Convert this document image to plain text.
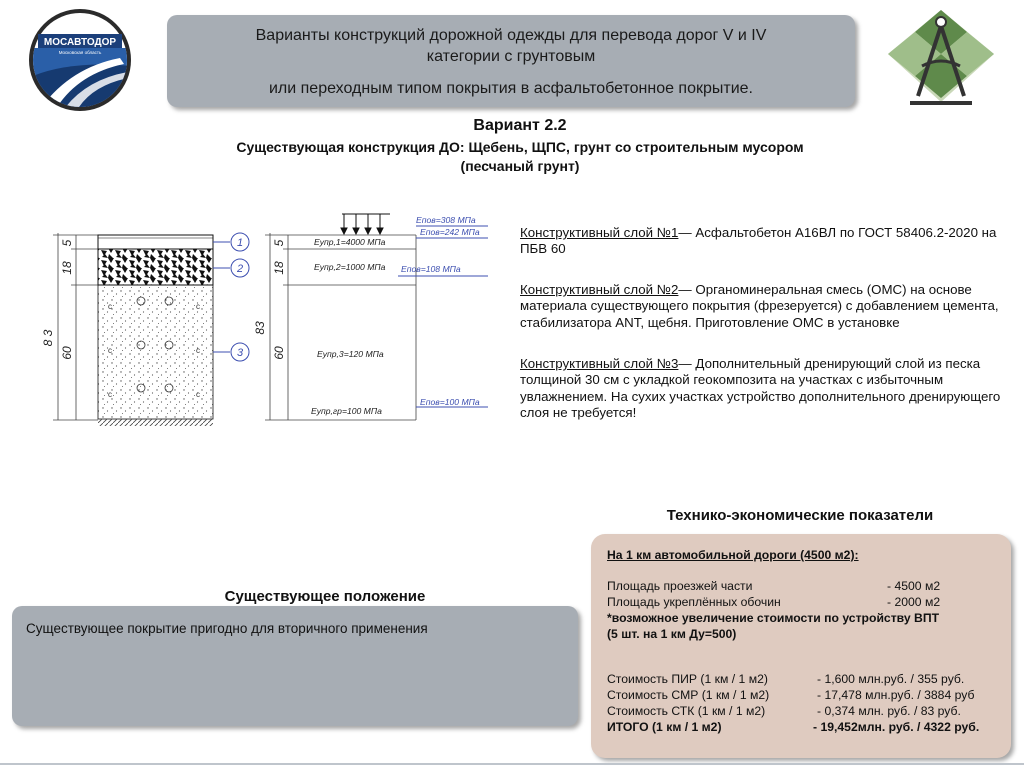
МОСАВТОДОР
Московская область
Варианты конструкций дорожной одежды для перевода дорог V и IV
категории с грунтовым
или переходным типом покрытия в асфальтобетонное покрытие.
Вариант 2.2
Существующая конструкция ДО: Щебень, ЩПС, грунт со строительным мусором
(песчаный грунт)
5
18
60
8 3
c	c
c	c
c	c
1
2
3
5
18
60
83
Eпов=308 МПа
Eпов=242 МПа
Eупр,1=4000 МПа
Eупр,2=1000 МПа Eпов=108 МПа
Eупр,3=120 МПа
Eупр,гр=100 МПа
Eпов=100 МПа
Конструктивный слой №1— Асфальтобетон А16ВЛ по ГОСТ 58406.2-2020 на ПБВ 60
Конструктивный слой №2— Органоминеральная смесь (ОМС) на основе материала существующего покрытия (фрезеруется) с добавлением цемента, стабилизатора ANT, щебня. Приготовление ОМС в установке
Конструктивный слой №3— Дополнительный дренирующий слой из песка толщиной 30 см с укладкой геокомпозита на участках с избыточным увлажнением. На сухих участках устройство дополнительного дренирующего слоя не требуется!
Технико-экономические показатели
На 1 км автомобильной дороги (4500 м2):
Площадь проезжей части	- 4500 м2
Площадь укреплённых обочин	- 2000 м2
*возможное увеличение стоимости по устройству ВПТ
(5 шт. на 1 км Ду=500)
Стоимость ПИР (1 км / 1 м2)	- 1,600 млн.руб. / 355 руб.
Стоимость СМР (1 км / 1 м2)	- 17,478 млн.руб. / 3884 руб
Стоимость СТК (1 км / 1 м2)	- 0,374 млн. руб. / 83 руб.
ИТОГО (1 км / 1 м2)	- 19,452млн. руб. / 4322 руб.
Существующее положение
Существующее покрытие пригодно для вторичного применения
